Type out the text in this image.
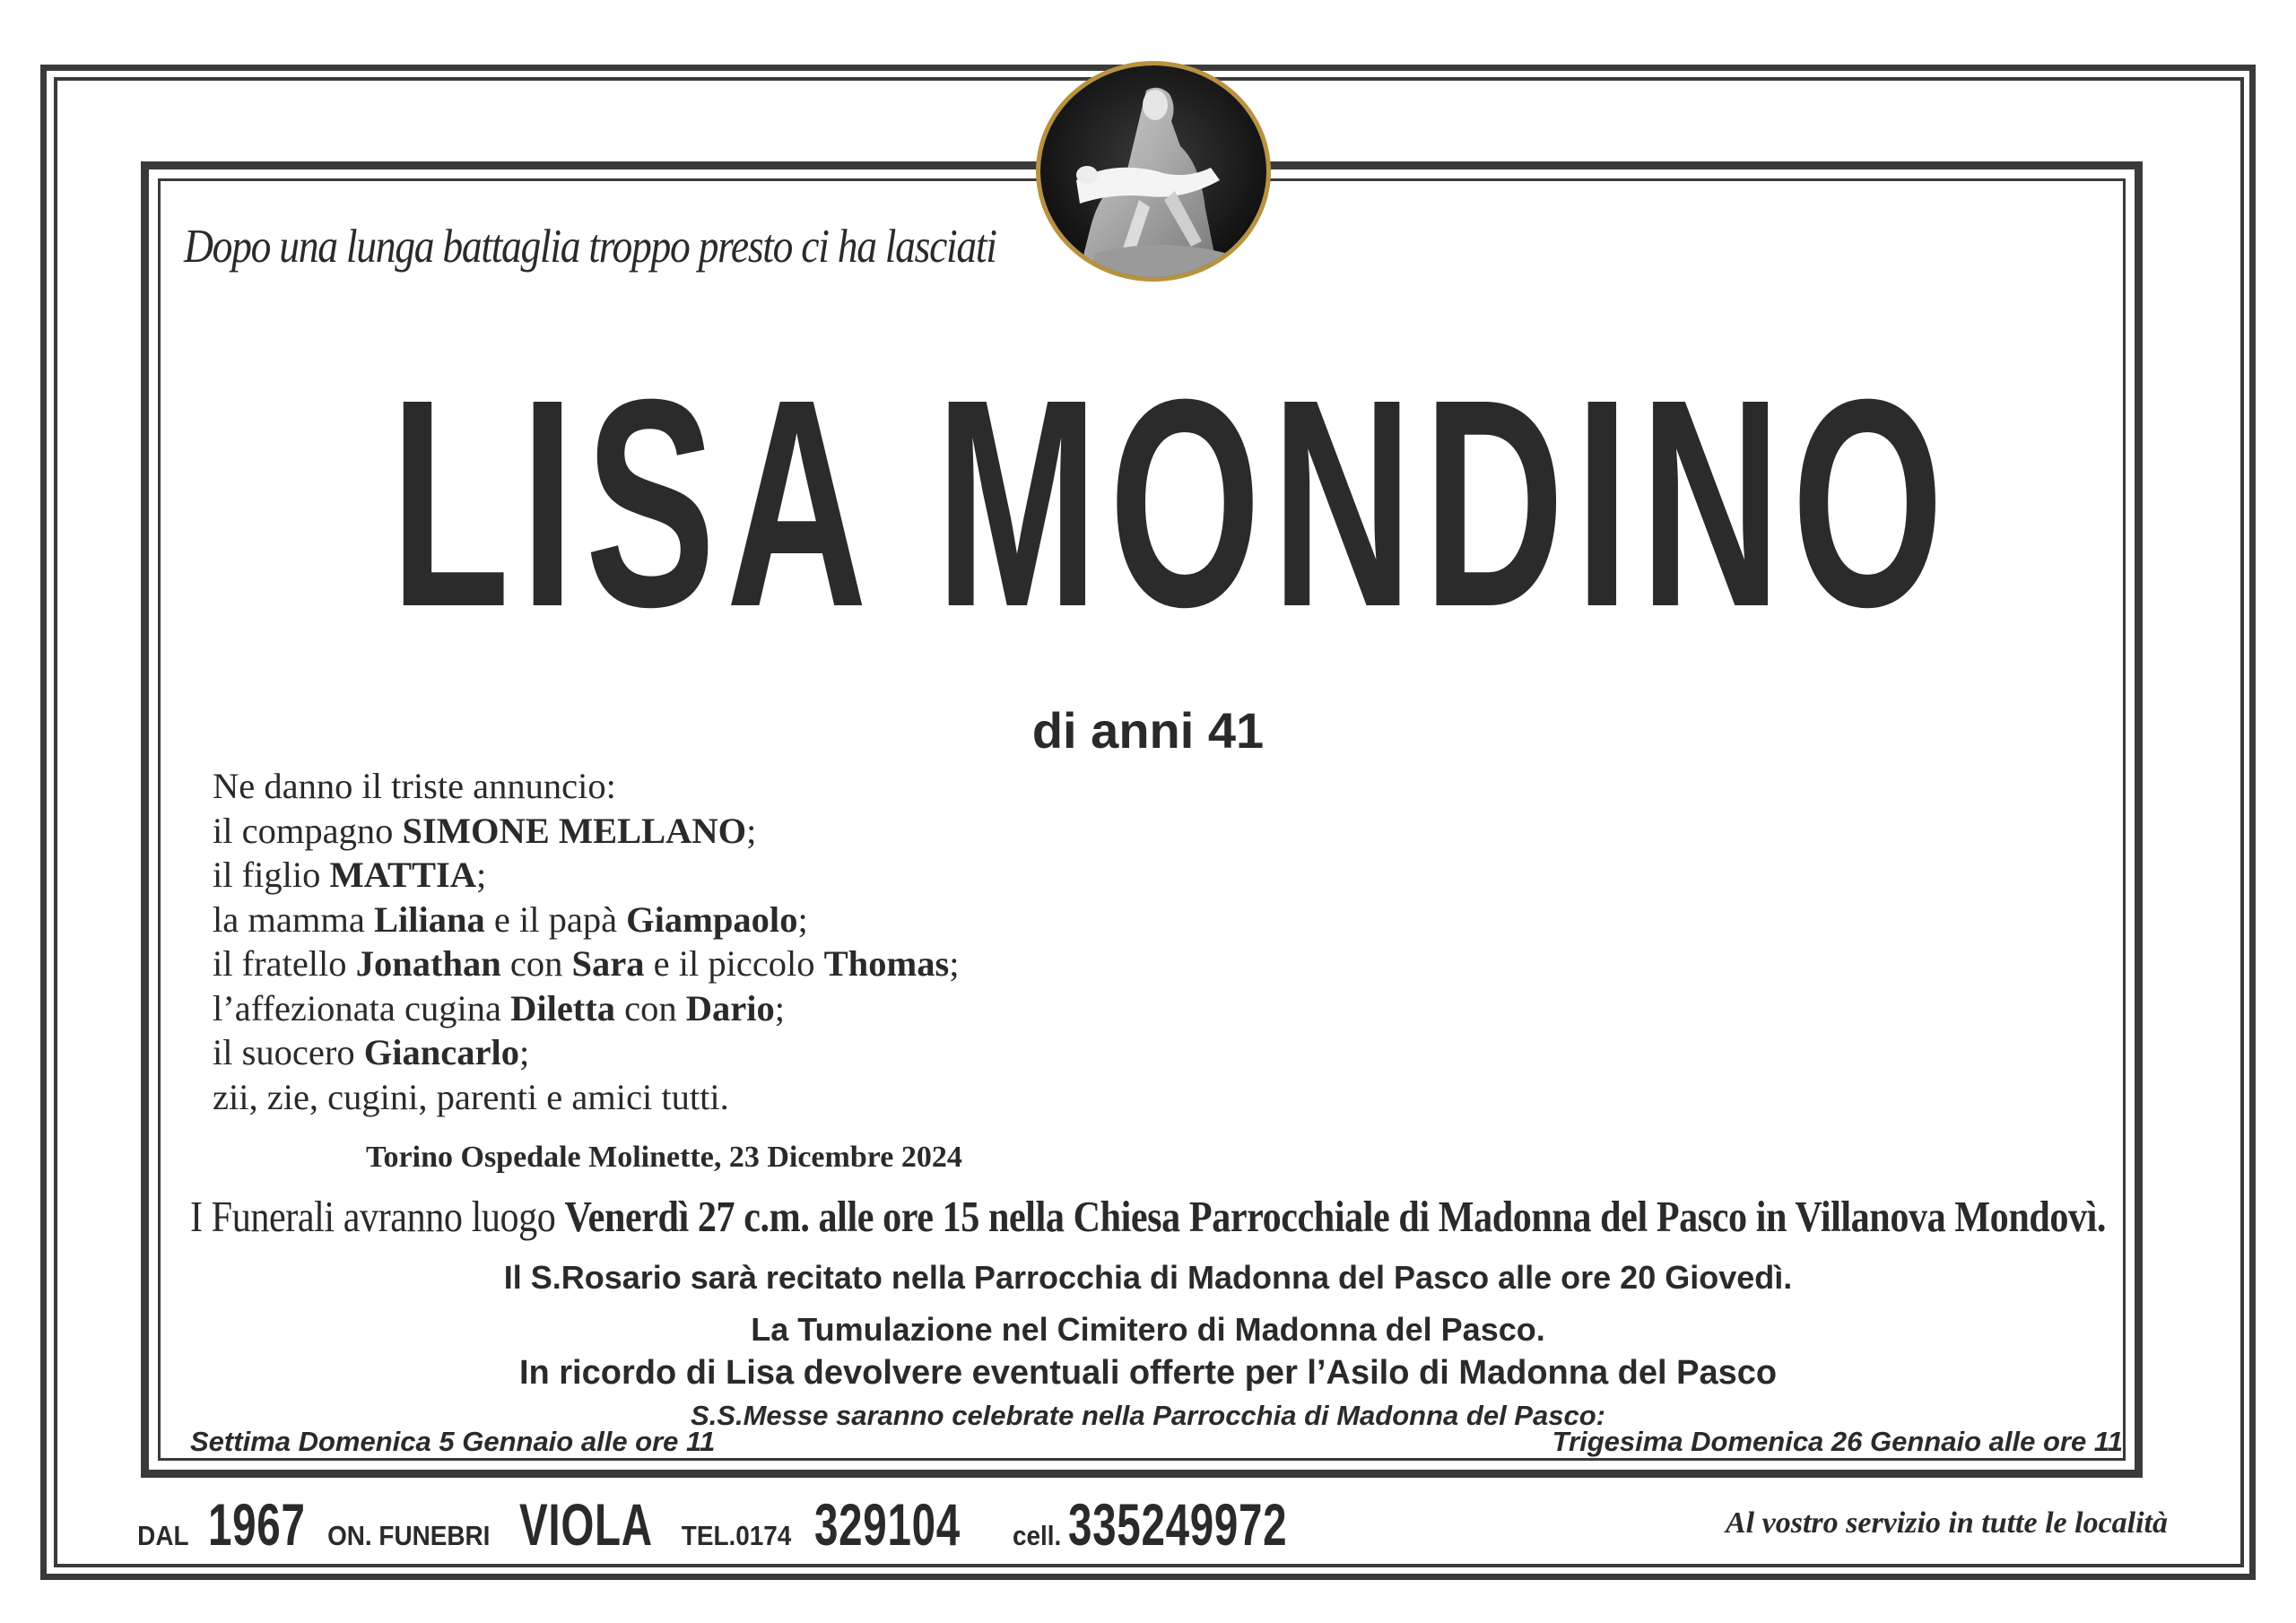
Dopo una lunga battaglia troppo presto ci ha lasciati
LISA MONDINO
di anni 41
Ne danno il triste annuncio:
il compagno SIMONE MELLANO;
il figlio MATTIA;
la mamma Liliana e il papà Giampaolo;
il fratello Jonathan con Sara e il piccolo Thomas;
l’affezionata cugina Diletta con Dario;
il suocero Giancarlo;
zii, zie, cugini, parenti e amici tutti.
Torino Ospedale Molinette, 23 Dicembre 2024
I Funerali avranno luogo Venerdì 27 c.m. alle ore 15 nella Chiesa Parrocchiale di Madonna del Pasco in Villanova Mondovì.
Il S.Rosario sarà recitato nella Parrocchia di Madonna del Pasco alle ore 20 Giovedì.
La Tumulazione nel Cimitero di Madonna del Pasco.
In ricordo di Lisa devolvere eventuali offerte per l’Asilo di Madonna del Pasco
S.S.Messe saranno celebrate nella Parrocchia di Madonna del Pasco:
Settima Domenica 5 Gennaio alle ore 11	Trigesima Domenica 26 Gennaio alle ore 11
DAL 1967 ON. FUNEBRI VIOLA TEL.0174 329104 cell. 335249972	Al vostro servizio in tutte le località
